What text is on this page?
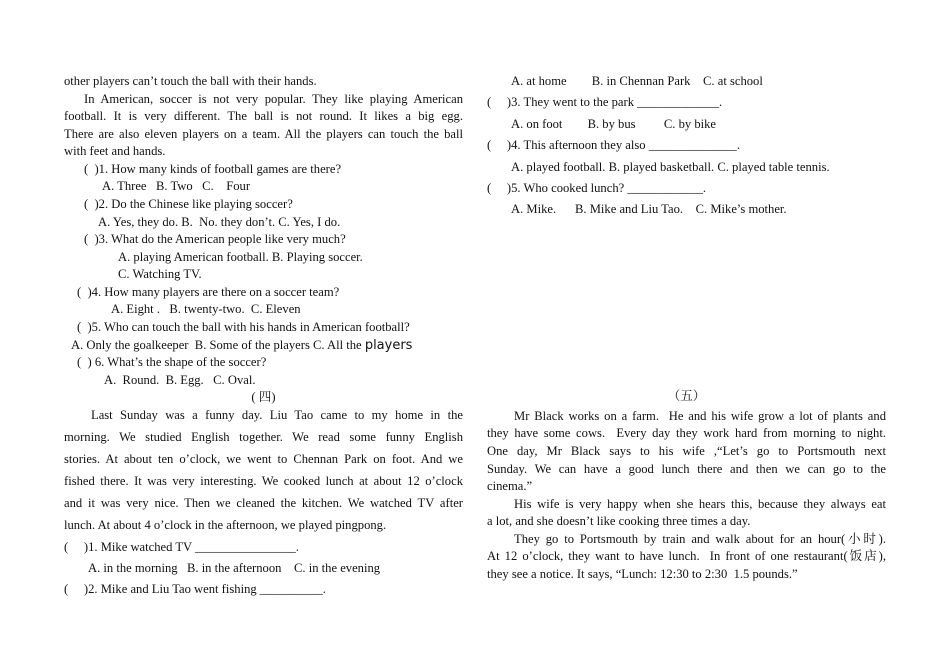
other players can’t touch the ball with their hands.
In American, soccer is not very popular. They like playing American
football. It is very different. The ball is not round. It likes a big egg.
There are also eleven players on a team. All the players can touch the ball
with feet and hands.
(  )1. How many kinds of football games are there?
A. Three   B. Two   C.    Four
(  )2. Do the Chinese like playing soccer?
A. Yes, they do. B.  No. they don’t. C. Yes, I do.
(  )3. What do the American people like very much?
A. playing American football. B. Playing soccer.
C. Watching TV.
(  )4. How many players are there on a soccer team?
A. Eight .   B. twenty-two.  C. Eleven
(  )5. Who can touch the ball with his hands in American football?
A. Only the goalkeeper  B. Some of the players C. All the players
(  ) 6. What’s the shape of the soccer?
A.  Round.  B. Egg.   C. Oval.
( 四)
Last Sunday was a funny day. Liu Tao came to my home in the
morning. We studied English together. We read some funny English
stories. At about ten o’clock, we went to Chennan Park on foot. And we
fished there. It was very interesting. We cooked lunch at about 12 o’clock
and it was very nice. Then we cleaned the kitchen. We watched TV after
lunch. At about 4 o’clock in the afternoon, we played pingpong.
(     )1. Mike watched TV ________________.
A. in the morning   B. in the afternoon    C. in the evening
(     )2. Mike and Liu Tao went fishing __________.
A. at home        B. in Chennan Park    C. at school
(     )3. They went to the park _____________.
A. on foot        B. by bus         C. by bike
(     )4. This afternoon they also ______________.
A. played football. B. played basketball. C. played table tennis.
(     )5. Who cooked lunch? ____________.
A. Mike.      B. Mike and Liu Tao.    C. Mike’s mother.
（五）
Mr Black works on a farm.  He and his wife grow a lot of plants and
they have some cows.  Every day they work hard from morning to night.
One day, Mr Black says to his wife ,“Let’s go to Portsmouth next
Sunday. We can have a good lunch there and then we can go to the
cinema.”
His wife is very happy when she hears this, because they always eat
a lot, and she doesn’t like cooking three times a day.
They go to Portsmouth by train and walk about for an hour(小时).
At 12 o’clock, they want to have lunch.  In front of one restaurant(饭店),
they see a notice. It says, “Lunch: 12:30 to 2:30  1.5 pounds.”
